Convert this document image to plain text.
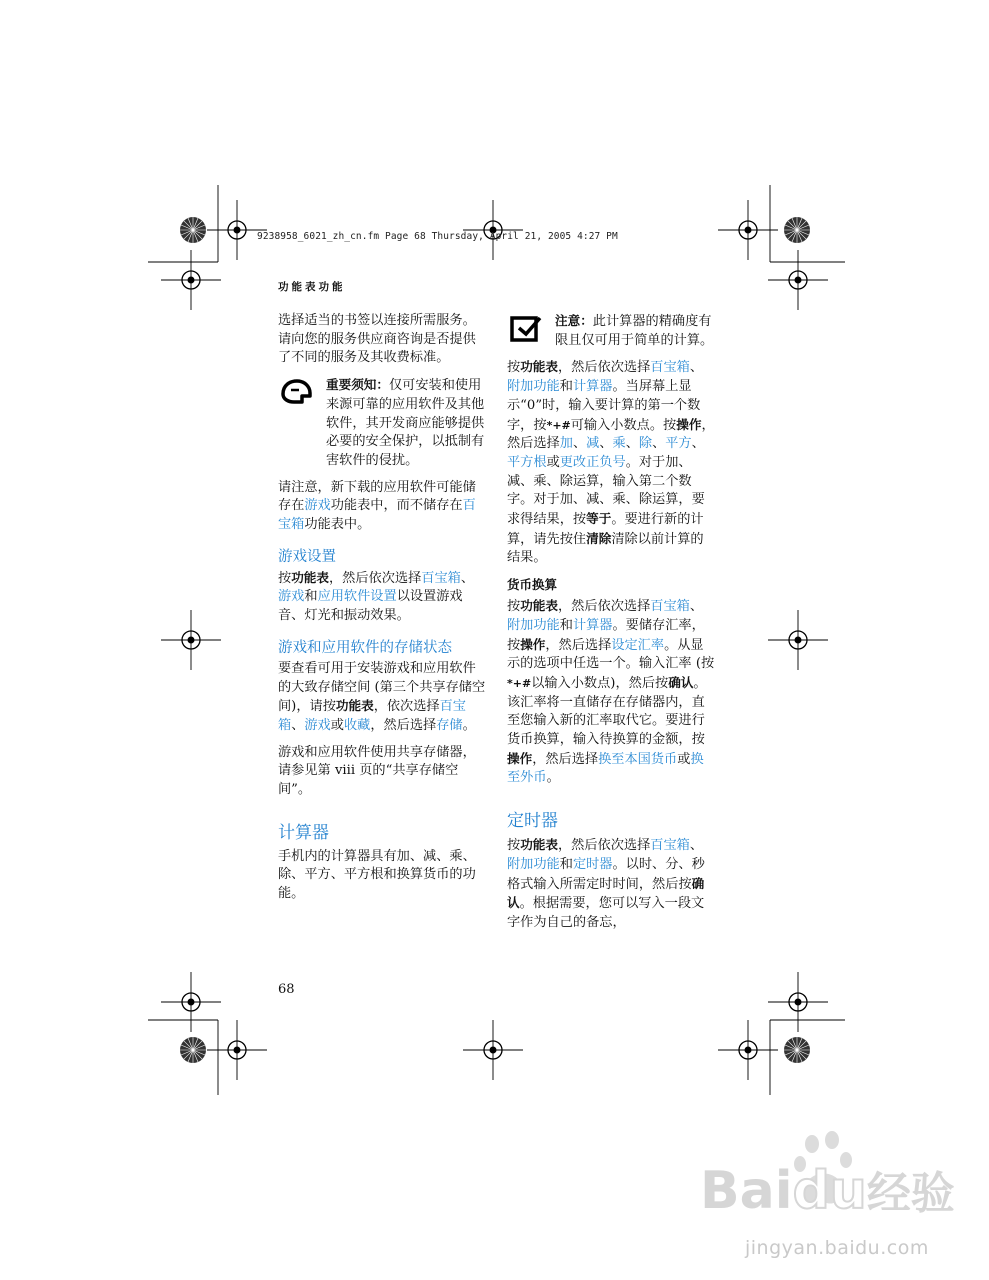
9238958_6021_zh_cn.fm Page 68 Thursday, April 21, 2005 4:27 PM
功能表功能

选择适当的书签以连接所需服务。请向您的服务供应商咨询是否提供了不同的服务及其收费标准。

重要须知：仅可安装和使用来源可靠的应用软件及其他软件，其开发商应能够提供必要的安全保护，以抵制有害软件的侵扰。

请注意，新下载的应用软件可能储存在游戏功能表中，而不储存在百宝箱功能表中。

游戏设置

按功能表，然后依次选择百宝箱、游戏和应用软件设置以设置游戏音、灯光和振动效果。

游戏和应用软件的存储状态

要查看可用于安装游戏和应用软件的大致存储空间 (第三个共享存储空间)，请按功能表，依次选择百宝箱、游戏或收藏，然后选择存储。

游戏和应用软件使用共享存储器，请参见第 viii 页的“共享存储空间”。

计算器

手机内的计算器具有加、减、乘、除、平方、平方根和换算货币的功能。

注意：此计算器的精确度有限且仅可用于简单的计算。

按功能表，然后依次选择百宝箱、附加功能和计算器。当屏幕上显示“0”时，输入要计算的第一个数字，按*+#可输入小数点。按操作，然后选择加、减、乘、除、平方、平方根或更改正负号。对于加、减、乘、除运算，输入第二个数字。对于加、减、乘、除运算，要求得结果，按等于。要进行新的计算，请先按住清除清除以前计算的结果。

货币换算

按功能表，然后依次选择百宝箱、附加功能和计算器。要储存汇率，按操作，然后选择设定汇率。从显示的选项中任选一个。输入汇率 (按*+#以输入小数点)，然后按确认。该汇率将一直储存在存储器内，直至您输入新的汇率取代它。要进行货币换算，输入待换算的金额，按操作，然后选择换至本国货币或换至外币。

定时器

按功能表，然后依次选择百宝箱、附加功能和定时器。以时、分、秒格式输入所需定时时间，然后按确认。根据需要，您可以写入一段文字作为自己的备忘，

68
Baidu经验
jingyan.baidu.com
